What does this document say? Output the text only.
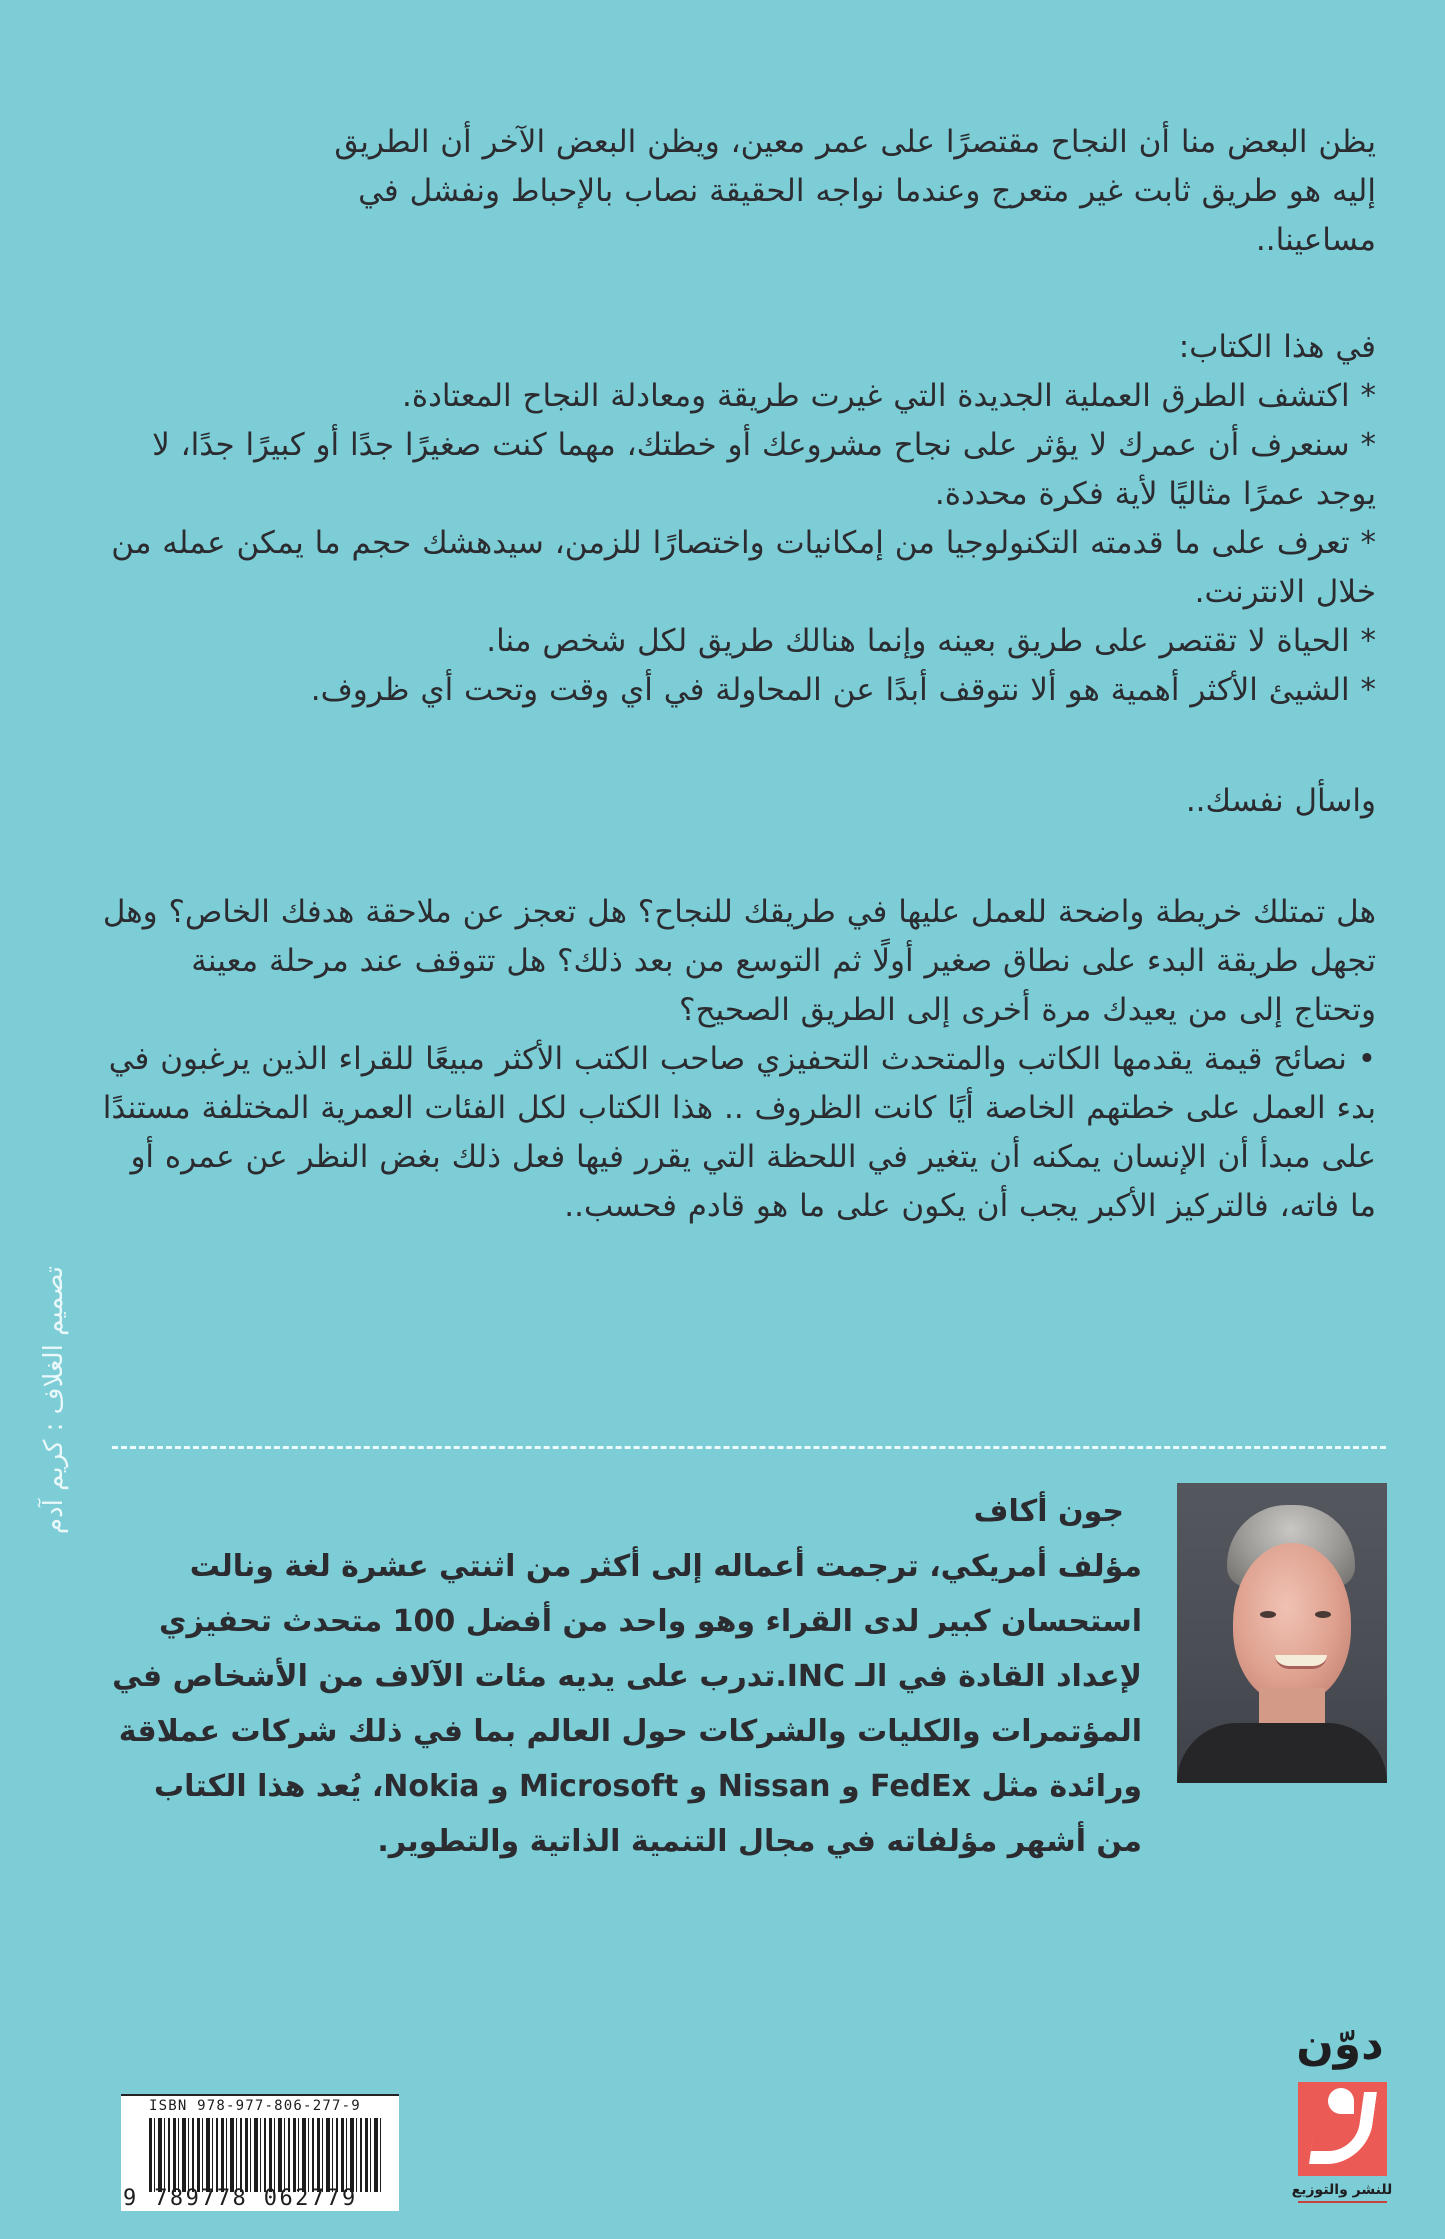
يظن البعض منا أن النجاح مقتصرًا على عمر معين، ويظن البعض الآخر أن الطريق

إليه هو طريق ثابت غير متعرج وعندما نواجه الحقيقة نصاب بالإحباط ونفشل في

مساعينا..

في هذا الكتاب:

* اكتشف الطرق العملية الجديدة التي غيرت طريقة ومعادلة النجاح المعتادة.

* سنعرف أن عمرك لا يؤثر على نجاح مشروعك أو خطتك، مهما كنت صغيرًا جدًا أو كبيرًا جدًا، لا يوجد عمرًا مثاليًا لأية فكرة محددة.

* تعرف على ما قدمته التكنولوجيا من إمكانيات واختصارًا للزمن، سيدهشك حجم ما يمكن عمله من خلال الانترنت.

* الحياة لا تقتصر على طريق بعينه وإنما هنالك طريق لكل شخص منا.

* الشيئ الأكثر أهمية هو ألا نتوقف أبدًا عن المحاولة في أي وقت وتحت أي ظروف.

واسأل نفسك..

هل تمتلك خريطة واضحة للعمل عليها في طريقك للنجاح؟ هل تعجز عن ملاحقة هدفك الخاص؟ وهل تجهل طريقة البدء على نطاق صغير أولًا ثم التوسع من بعد ذلك؟ هل تتوقف عند مرحلة معينة وتحتاج إلى من يعيدك مرة أخرى إلى الطريق الصحيح؟

• نصائح قيمة يقدمها الكاتب والمتحدث التحفيزي صاحب الكتب الأكثر مبيعًا للقراء الذين يرغبون في بدء العمل على خطتهم الخاصة أيًا كانت الظروف .. هذا الكتاب لكل الفئات العمرية المختلفة مستندًا على مبدأ أن الإنسان يمكنه أن يتغير في اللحظة التي يقرر فيها فعل ذلك بغض النظر عن عمره أو ما فاته، فالتركيز الأكبر يجب أن يكون على ما هو قادم فحسب..

تصميم الغلاف : كريم آدم	جون أكاف
مؤلف أمريكي، ترجمت أعماله إلى أكثر من اثنتي عشرة لغة ونالت استحسان كبير لدى القراء وهو واحد من أفضل 100 متحدث تحفيزي لإعداد القادة في الـ INC.تدرب على يديه مئات الآلاف من الأشخاص في المؤتمرات والكليات والشركات حول العالم بما في ذلك شركات عملاقة ورائدة مثل FedEx و Nissan و Microsoft و Nokia، يُعد هذا الكتاب من أشهر مؤلفاته في مجال التنمية الذاتية والتطوير.
ISBN 978-977-806-277-9
9 789778 062779
دوّن
للنشر والتوزيع
